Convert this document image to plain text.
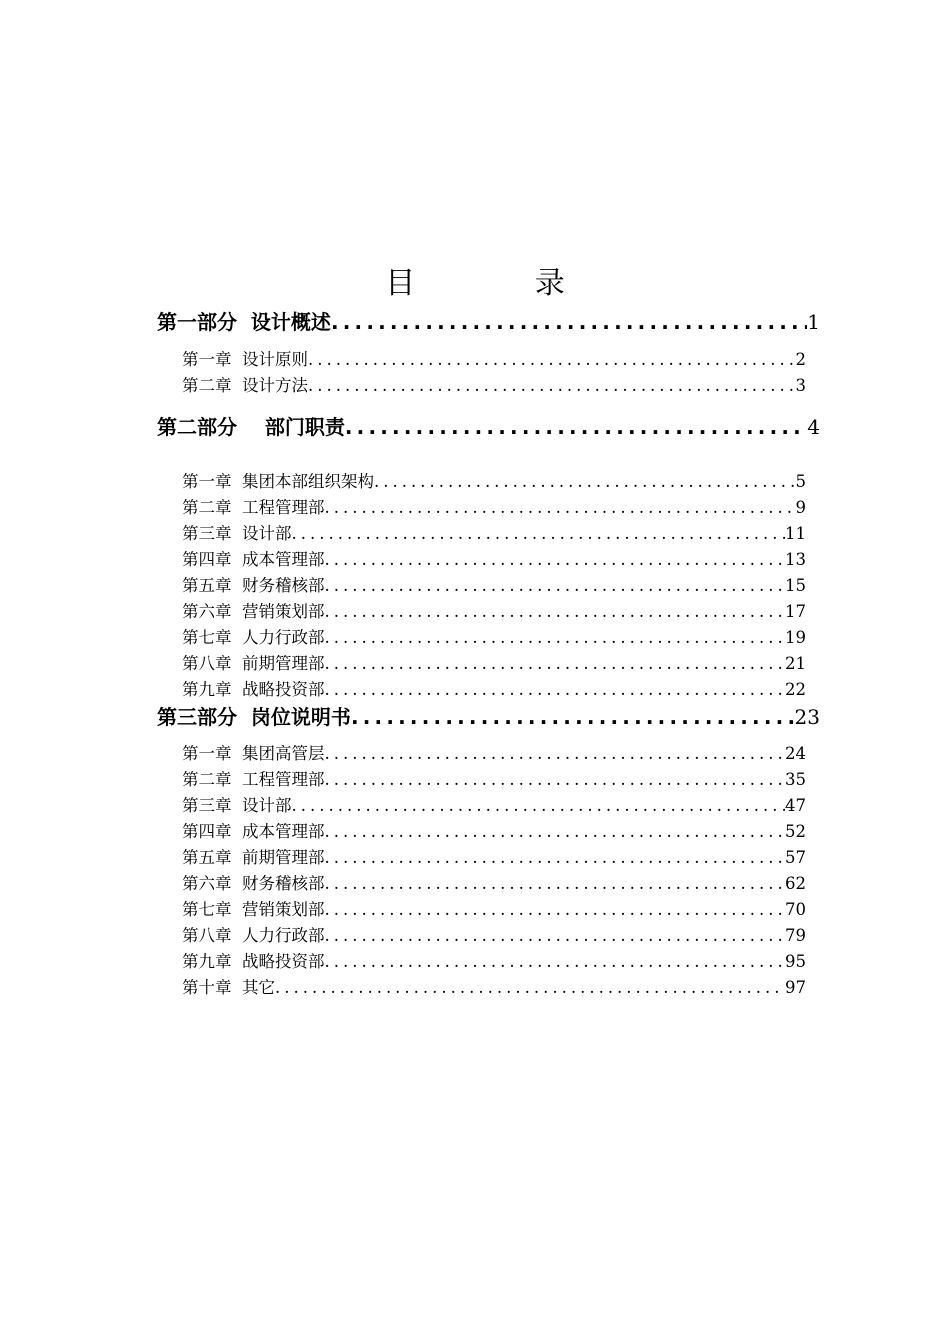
目 录
第一部分  设计概述 .....	1
第一章  设计原则 .....	2
第二章  设计方法 .....	3
第二部分    部门职责 .....	4
第一章  集团本部组织架构 .....	5
第二章  工程管理部 .....	9
第三章  设计部 .....	11
第四章  成本管理部 .....	13
第五章  财务稽核部 .....	15
第六章  营销策划部 .....	17
第七章  人力行政部 .....	19
第八章  前期管理部 .....	21
第九章  战略投资部 .....	22
第三部分  岗位说明书 .....	23
第一章  集团高管层 .....	24
第二章  工程管理部 .....	35
第三章  设计部 .....	47
第四章  成本管理部 .....	52
第五章  前期管理部 .....	57
第六章  财务稽核部 .....	62
第七章  营销策划部 .....	70
第八章  人力行政部 .....	79
第九章  战略投资部 .....	95
第十章  其它 .....	97
